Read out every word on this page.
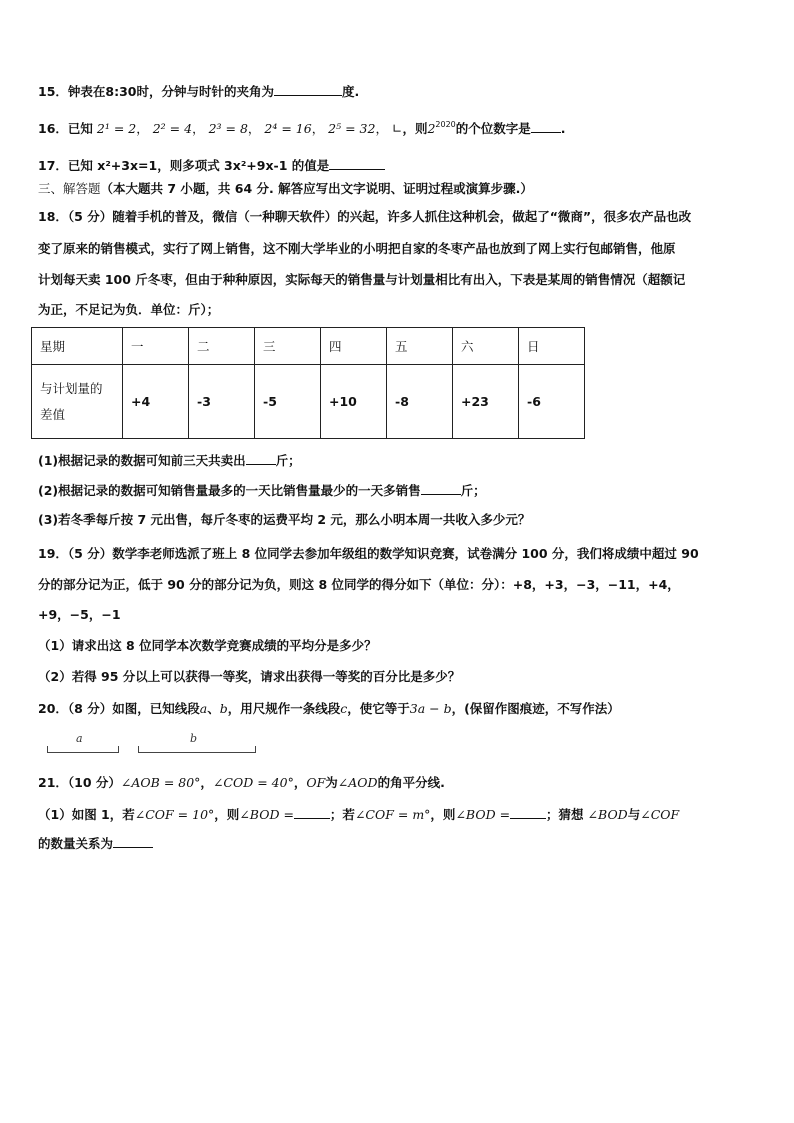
15．钟表在8:30时，分钟与时针的夹角为	度.
16．已知 2¹ = 2， 2² = 4， 2³ = 8， 2⁴ = 16， 2⁵ = 32， ∟，则$2^{2020}$的个位数字是 .
17．已知 x²+3x=1，则多项式 3x²+9x-1 的值是
三、解答题（本大题共 7 小题，共 64 分. 解答应写出文字说明、证明过程或演算步骤.）
18．（5 分）随着手机的普及，微信（一种聊天软件）的兴起，许多人抓住这种机会，做起了“微商”，很多农产品也改
变了原来的销售模式，实行了网上销售，这不刚大学毕业的小明把自家的冬枣产品也放到了网上实行包邮销售，他原
计划每天卖 100 斤冬枣，但由于种种原因，实际每天的销售量与计划量相比有出入，下表是某周的销售情况（超额记
为正，不足记为负．单位：斤）；
星期	一	二	三	四	五	六	日

与计划量的
差值	+4	-3	-5	+10	-8	+23	-6
(1)根据记录的数据可知前三天共卖出 斤；
(2)根据记录的数据可知销售量最多的一天比销售量最少的一天多销售	斤；
(3)若冬季每斤按 7 元出售，每斤冬枣的运费平均 2 元，那么小明本周一共收入多少元？
19．（5 分）数学李老师选派了班上 8 位同学去参加年级组的数学知识竞赛，试卷满分 100 分，我们将成绩中超过 90
分的部分记为正，低于 90 分的部分记为负，则这 8 位同学的得分如下（单位：分）：+8，+3，−3，−11，+4，
+9，−5，−1
（1）请求出这 8 位同学本次数学竞赛成绩的平均分是多少？
（2）若得 95 分以上可以获得一等奖，请求出获得一等奖的百分比是多少？
20．（8 分）如图，已知线段a、b，用尺规作一条线段c，使它等于3a − b，(保留作图痕迹，不写作法）
a	b
21．（10 分）∠AOB = 80°，∠COD = 40°，OF为∠AOD的角平分线.
（1）如图 1，若∠COF = 10°，则∠BOD =	；若∠COF = m°，则∠BOD =	；猜想 ∠BOD与∠COF
的数量关系为
